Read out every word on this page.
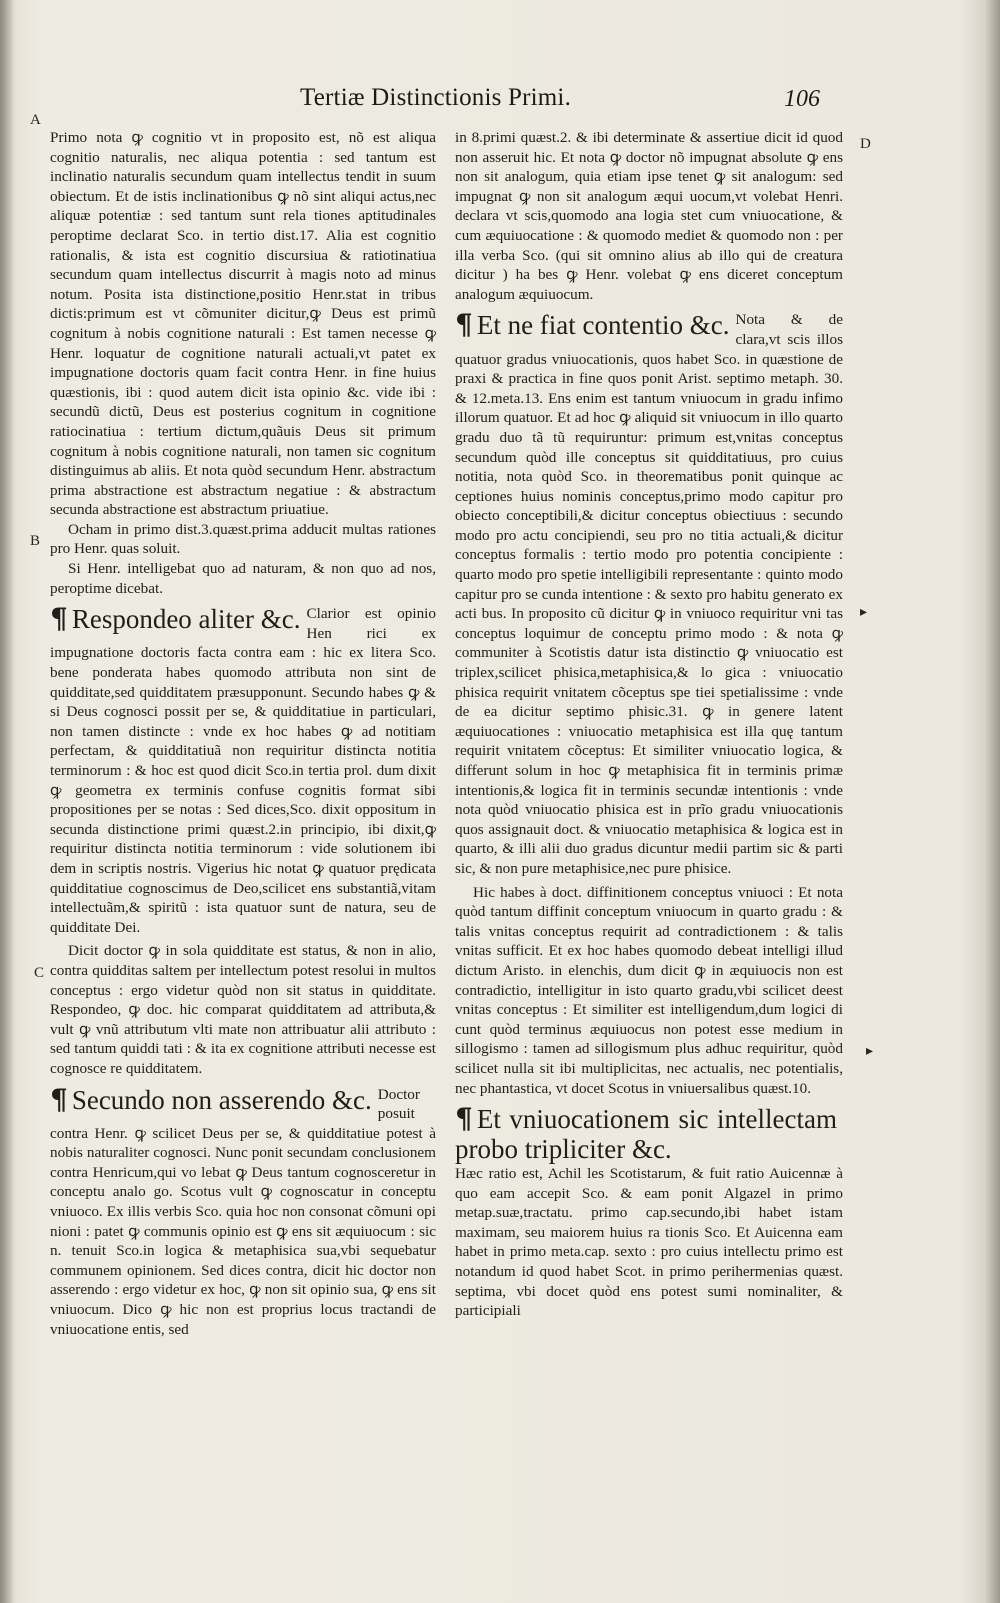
Tertiæ Distinctionis Primi.	106
A
B
C
D
▸
▸

Primo nota ꝙ cognitio vt in proposito est, nõ est aliqua cognitio naturalis, nec aliqua potentia : sed tantum est inclinatio naturalis secundum quam intellectus tendit in suum obiectum. Et de istis inclinationibus ꝙ nõ sint aliqui actus,nec aliquæ potentiæ : sed tantum sunt rela tiones aptitudinales peroptime declarat Sco. in tertio dist.17. Alia est cognitio rationalis, & ista est cognitio discursiua & ratiotinatiua secundum quam intellectus discurrit à magis noto ad minus notum. Posita ista distinctione,positio Henr.stat in tribus dictis:primum est vt cõmuniter dicitur,ꝙ Deus est primũ cognitum à nobis cognitione naturali : Est tamen necesse ꝙ Henr. loquatur de cognitione naturali actuali,vt patet ex impugnatione doctoris quam facit contra Henr. in fine huius quæstionis, ibi : quod autem dicit ista opinio &c. vide ibi : secundũ dictũ, Deus est posterius cognitum in cognitione ratiocinatiua : tertium dictum,quãuis Deus sit primum cognitum à nobis cognitione naturali, non tamen sic cognitum distinguimus ab aliis. Et nota quòd secundum Henr. abstractum prima abstractione est abstractum negatiue : & abstractum secunda abstractione est abstractum priuatiue.

Ocham in primo dist.3.quæst.prima adducit multas rationes pro Henr. quas soluit.

Si Henr. intelligebat quo ad naturam, & non quo ad nos, peroptime dicebat.

¶ Respondeo aliter &c. Clarior est opinio Hen rici ex impugnatione doctoris facta contra eam : hic ex litera Sco. bene ponderata habes quomodo attributa non sint de quidditate,sed quidditatem præsupponunt. Secundo habes ꝙ & si Deus cognosci possit per se, & quidditatiue in particulari, non tamen distincte : vnde ex hoc habes ꝙ ad notitiam perfectam, & quidditatiuã non requiritur distincta notitia terminorum : & hoc est quod dicit Sco.in tertia prol. dum dixit ꝙ geometra ex terminis confuse cognitis format sibi propositiones per se notas : Sed dices,Sco. dixit oppositum in secunda distinctione primi quæst.2.in principio, ibi dixit,ꝙ requiritur distincta notitia terminorum : vide solutionem ibi dem in scriptis nostris. Vigerius hic notat ꝙ quatuor prędicata quidditatiue cognoscimus de Deo,scilicet ens substantiã,vitam intellectuãm,& spiritũ : ista quatuor sunt de natura, seu de quidditate Dei.

Dicit doctor ꝙ in sola quidditate est status, & non in alio, contra quidditas saltem per intellectum potest resolui in multos conceptus : ergo videtur quòd non sit status in quidditate. Respondeo, ꝙ doc. hic comparat quidditatem ad attributa,& vult ꝙ vnũ attributum vlti mate non attribuatur alii attributo : sed tantum quiddi tati : & ita ex cognitione attributi necesse est cognosce re quidditatem.

¶ Secundo non asserendo &c. Doctor posuit contra Henr. ꝙ scilicet Deus per se, & quidditatiue potest à nobis naturaliter cognosci. Nunc ponit secundam conclusionem contra Henricum,qui vo lebat ꝙ Deus tantum cognosceretur in conceptu analo go. Scotus vult ꝙ cognoscatur in conceptu vniuoco. Ex illis verbis Sco. quia hoc non consonat cõmuni opi nioni : patet ꝙ communis opinio est ꝙ ens sit æquiuocum : sic n. tenuit Sco.in logica & metaphisica sua,vbi sequebatur communem opinionem. Sed dices contra, dicit hic doctor non asserendo : ergo videtur ex hoc, ꝙ non sit opinio sua, ꝙ ens sit vniuocum. Dico ꝙ hic non est proprius locus tractandi de vniuocatione entis, sed

in 8.primi quæst.2. & ibi determinate & assertiue dicit id quod non asseruit hic. Et nota ꝙ doctor nõ impugnat absolute ꝙ ens non sit analogum, quia etiam ipse tenet ꝙ sit analogum: sed impugnat ꝙ non sit analogum æqui uocum,vt volebat Henri. declara vt scis,quomodo ana logia stet cum vniuocatione, & cum æquiuocatione : & quomodo mediet & quomodo non : per illa verba Sco. (qui sit omnino alius ab illo qui de creatura dicitur ) ha bes ꝙ Henr. volebat ꝙ ens diceret conceptum analogum æquiuocum.

¶ Et ne fiat contentio &c. Nota & de clara,vt scis illos quatuor gradus vniuocationis, quos habet Sco. in quæstione de praxi & practica in fine quos ponit Arist. septimo metaph. 30. & 12.meta.13. Ens enim est tantum vniuocum in gradu infimo illorum quatuor. Et ad hoc ꝙ aliquid sit vniuocum in illo quarto gradu duo tã tũ requiruntur: primum est,vnitas conceptus secundum quòd ille conceptus sit quidditatiuus, pro cuius notitia, nota quòd Sco. in theorematibus ponit quinque ac ceptiones huius nominis conceptus,primo modo capitur pro obiecto conceptibili,& dicitur conceptus obiectiuus : secundo modo pro actu concipiendi, seu pro no titia actuali,& dicitur conceptus formalis : tertio modo pro potentia concipiente : quarto modo pro spetie intelligibili representante : quinto modo capitur pro se cunda intentione : & sexto pro habitu generato ex acti bus. In proposito cũ dicitur ꝙ in vniuoco requiritur vni tas conceptus loquimur de conceptu primo modo : & nota ꝙ communiter à Scotistis datur ista distinctio ꝙ vniuocatio est triplex,scilicet phisica,metaphisica,& lo gica : vniuocatio phisica requirit vnitatem cõceptus spe tiei spetialissime : vnde de ea dicitur septimo phisic.31. ꝙ in genere latent æquiuocationes : vniuocatio metaphisica est illa quę tantum requirit vnitatem cõceptus: Et similiter vniuocatio logica, & differunt solum in hoc ꝙ metaphisica fit in terminis primæ intentionis,& logica fit in terminis secundæ intentionis : vnde nota quòd vniuocatio phisica est in prĩo gradu vniuocationis quos assignauit doct. & vniuocatio metaphisica & logica est in quarto, & illi alii duo gradus dicuntur medii partim sic & parti sic, & non pure metaphisice,nec pure phisice.

Hic habes à doct. diffinitionem conceptus vniuoci : Et nota quòd tantum diffinit conceptum vniuocum in quarto gradu : & talis vnitas conceptus requirit ad contradictionem : & talis vnitas sufficit. Et ex hoc habes quomodo debeat intelligi illud dictum Aristo. in elenchis, dum dicit ꝙ in æquiuocis non est contradictio, intelligitur in isto quarto gradu,vbi scilicet deest vnitas conceptus : Et similiter est intelligendum,dum logici di cunt quòd terminus æquiuocus non potest esse medium in sillogismo : tamen ad sillogismum plus adhuc requiritur, quòd scilicet nulla sit ibi multiplicitas, nec actualis, nec potentialis, nec phantastica, vt docet Scotus in vniuersalibus quæst.10.

¶ Et vniuocationem sic intellectam probo tripliciter &c.
Hæc ratio est, Achil les Scotistarum, & fuit ratio Auicennæ à quo eam accepit Sco. & eam ponit Algazel in primo metap.suæ,tractatu. primo cap.secundo,ibi habet istam maximam, seu maiorem huius ra tionis Sco. Et Auicenna eam habet in primo meta.cap. sexto : pro cuius intellectu primo est notandum id quod habet Scot. in primo perihermenias quæst. septima, vbi docet quòd ens potest sumi nominaliter, & participiali
